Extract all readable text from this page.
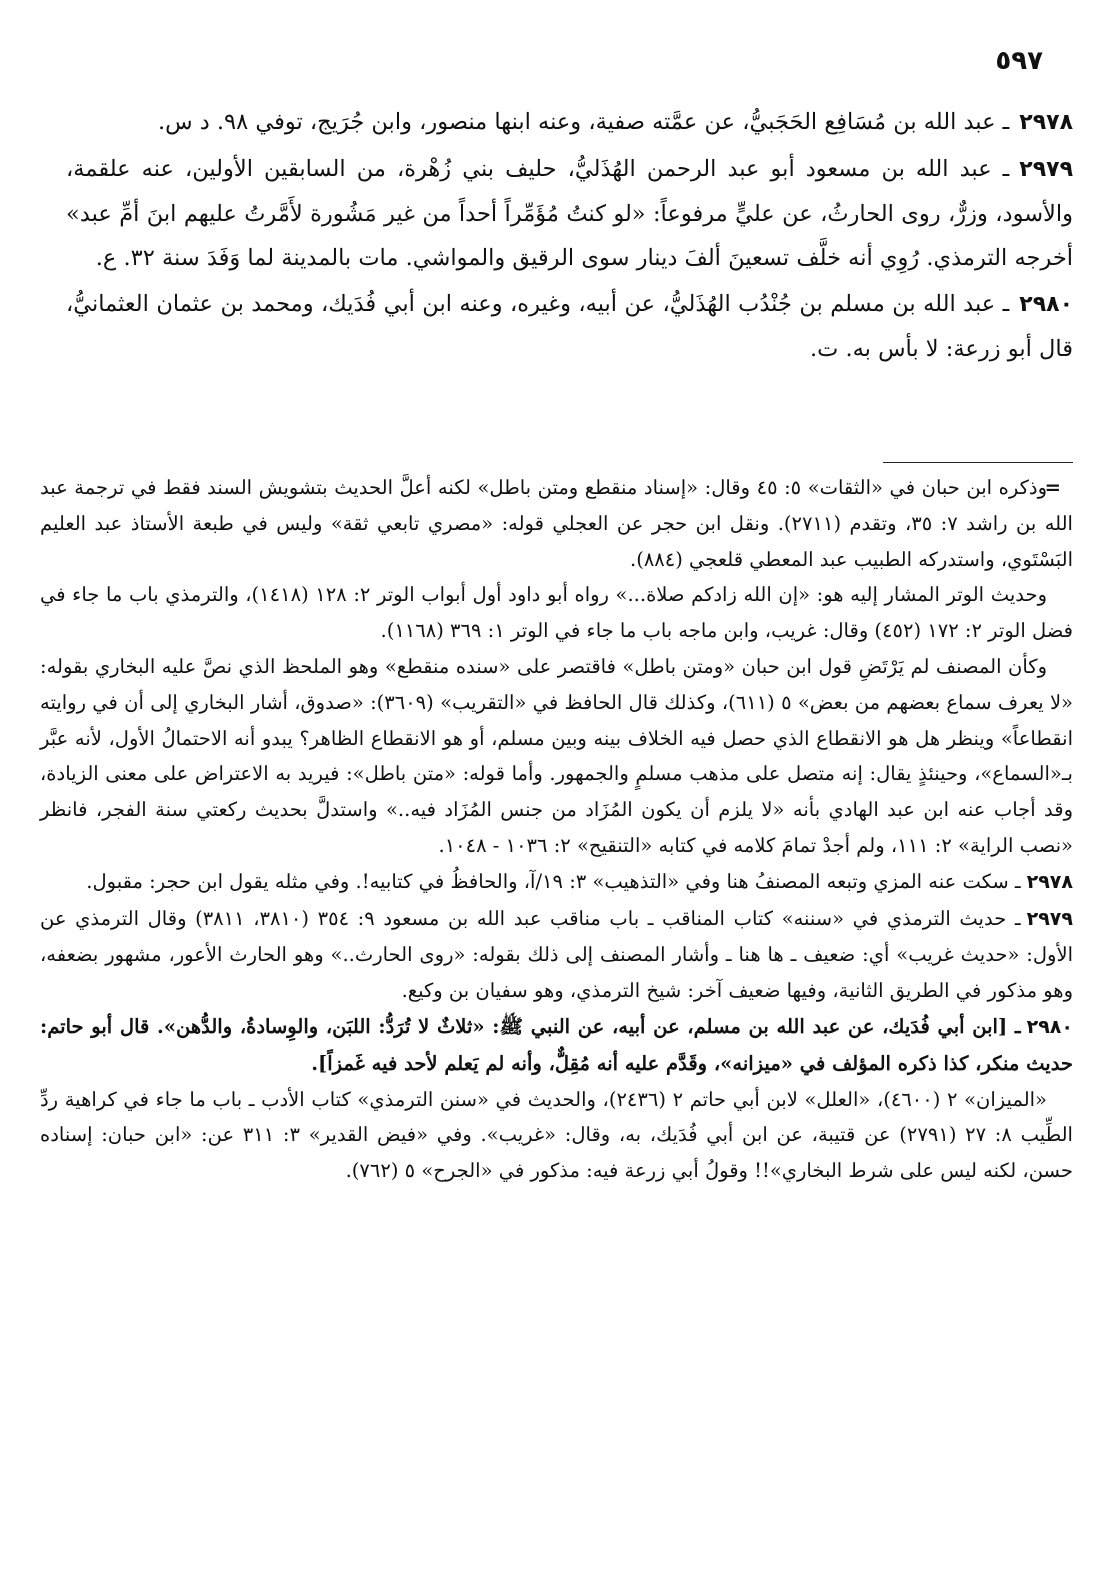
٥٩٧

٢٩٧٨ـ عبد الله بن مُسَافِع الحَجَبيُّ، عن عمَّته صفية، وعنه ابنها منصور، وابن جُرَيج، توفي ٩٨. د س.

٢٩٧٩ـ عبد الله بن مسعود أبو عبد الرحمن الهُذَليُّ، حليف بني زُهْرة، من السابقين الأولين، عنه علقمة، والأسود، وزرٌّ، روى الحارثُ، عن عليٍّ مرفوعاً: «لو كنتُ مُؤَمِّراً أحداً من غير مَشُورة لأَمَّرتُ عليهم ابنَ أمِّ عبد» أخرجه الترمذي. رُوِي أنه خلَّف تسعينَ ألفَ دينار سوى الرقيق والمواشي. مات بالمدينة لما وَفَدَ سنة ٣٢. ع.

٢٩٨٠ـ عبد الله بن مسلم بن جُنْدُب الهُذَليُّ، عن أبيه، وغيره، وعنه ابن أبي فُدَيك، ومحمد بن عثمان العثمانيُّ، قال أبو زرعة: لا بأس به. ت.

=وذكره ابن حبان في «الثقات» ٥: ٤٥ وقال: «إسناد منقطع ومتن باطل» لكنه أعلَّ الحديث بتشويش السند فقط في ترجمة عبد الله بن راشد ٧: ٣٥، وتقدم (٢٧١١). ونقل ابن حجر عن العجلي قوله: «مصري تابعي ثقة» وليس في طبعة الأستاذ عبد العليم البَسْتَوي، واستدركه الطبيب عبد المعطي قلعجي (٨٨٤).

وحديث الوتر المشار إليه هو: «إن الله زادكم صلاة...» رواه أبو داود أول أبواب الوتر ٢: ١٢٨ (١٤١٨)، والترمذي باب ما جاء في فضل الوتر ٢: ١٧٢ (٤٥٢) وقال: غريب، وابن ماجه باب ما جاء في الوتر ١: ٣٦٩ (١١٦٨).

وكأن المصنف لم يَرْتَضِ قول ابن حبان «ومتن باطل» فاقتصر على «سنده منقطع» وهو الملحظ الذي نصَّ عليه البخاري بقوله: «لا يعرف سماع بعضهم من بعض» ٥ (٦١١)، وكذلك قال الحافظ في «التقريب» (٣٦٠٩): «صدوق، أشار البخاري إلى أن في روايته انقطاعاً» وينظر هل هو الانقطاع الذي حصل فيه الخلاف بينه وبين مسلم، أو هو الانقطاع الظاهر؟ يبدو أنه الاحتمالُ الأول، لأنه عبَّر بـ«السماع»، وحينئذٍ يقال: إنه متصل على مذهب مسلمٍ والجمهور. وأما قوله: «متن باطل»: فيريد به الاعتراض على معنى الزيادة، وقد أجاب عنه ابن عبد الهادي بأنه «لا يلزم أن يكون المُزَاد من جنس المُزَاد فيه..» واستدلَّ بحديث ركعتي سنة الفجر، فانظر «نصب الراية» ٢: ١١١، ولم أجدْ تمامَ كلامه في كتابه «التنقيح» ٢: ١٠٣٦ - ١٠٤٨.

٢٩٧٨ـ سكت عنه المزي وتبعه المصنفُ هنا وفي «التذهيب» ٣: ١٩/آ، والحافظُ في كتابيه!. وفي مثله يقول ابن حجر: مقبول.

٢٩٧٩ـ حديث الترمذي في «سننه» كتاب المناقب ـ باب مناقب عبد الله بن مسعود ٩: ٣٥٤ (٣٨١٠، ٣٨١١) وقال الترمذي عن الأول: «حديث غريب» أي: ضعيف ـ ها هنا ـ وأشار المصنف إلى ذلك بقوله: «روى الحارث..» وهو الحارث الأعور، مشهور بضعفه، وهو مذكور في الطريق الثانية، وفيها ضعيف آخر: شيخ الترمذي، وهو سفيان بن وكيع.

٢٩٨٠ـ [ابن أبي فُدَيك، عن عبد الله بن مسلم، عن أبيه، عن النبي ﷺ: «ثلاثٌ لا تُرَدُّ: اللبَن، والوِسادةُ، والدُّهن». قال أبو حاتم: حديث منكر، كذا ذكره المؤلف في «ميزانه»، وقَدَّم عليه أنه مُقِلٌّ، وأنه لم يَعلم لأحد فيه غَمزاً].

«الميزان» ٢ (٤٦٠٠)، «العلل» لابن أبي حاتم ٢ (٢٤٣٦)، والحديث في «سنن الترمذي» كتاب الأدب ـ باب ما جاء في كراهية ردِّ الطِّيب ٨: ٢٧ (٢٧٩١) عن قتيبة، عن ابن أبي فُدَيك، به، وقال: «غريب». وفي «فيض القدير» ٣: ٣١١ عن: «ابن حبان: إسناده حسن، لكنه ليس على شرط البخاري»!! وقولُ أبي زرعة فيه: مذكور في «الجرح» ٥ (٧٦٢).
